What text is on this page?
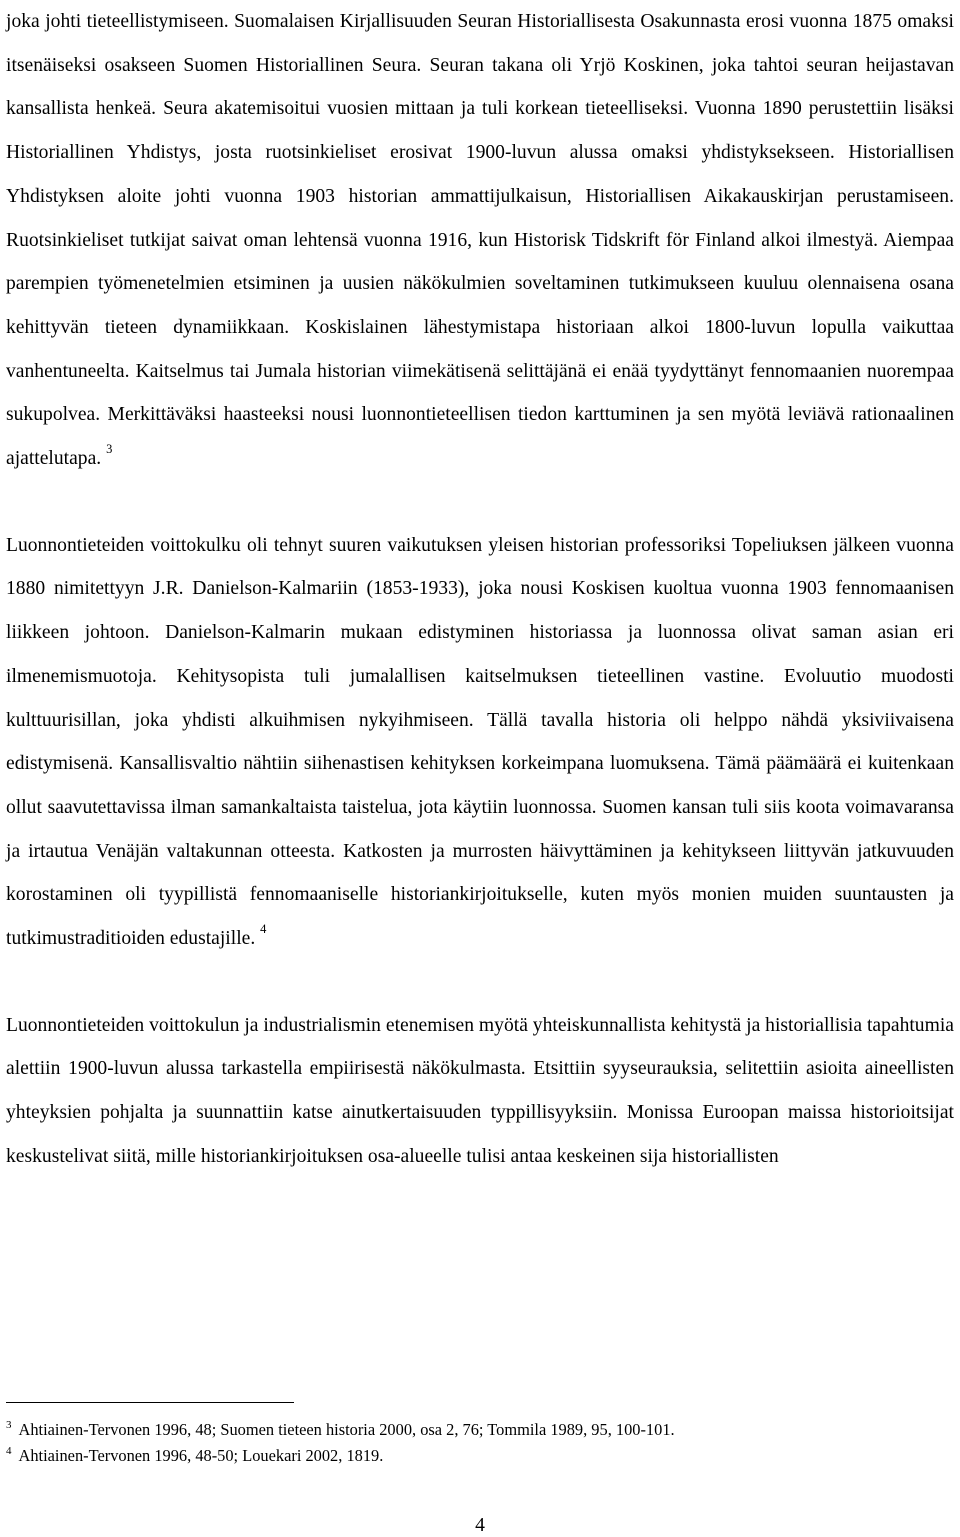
joka johti tieteellistymiseen. Suomalaisen Kirjallisuuden Seuran Historiallisesta Osakunnasta erosi vuonna 1875 omaksi itsenäiseksi osakseen Suomen Historiallinen Seura. Seuran takana oli Yrjö Koskinen, joka tahtoi seuran heijastavan kansallista henkeä. Seura akatemisoitui vuosien mittaan ja tuli korkean tieteelliseksi. Vuonna 1890 perustettiin lisäksi Historiallinen Yhdistys, josta ruotsinkieliset erosivat 1900-luvun alussa omaksi yhdistyksekseen. Historiallisen Yhdistyksen aloite johti vuonna 1903 historian ammattijulkaisun, Historiallisen Aikakauskirjan perustamiseen. Ruotsinkieliset tutkijat saivat oman lehtensä vuonna 1916, kun Historisk Tidskrift för Finland alkoi ilmestyä. Aiempaa parempien työmenetelmien etsiminen ja uusien näkökulmien soveltaminen tutkimukseen kuuluu olennaisena osana kehittyvän tieteen dynamiikkaan. Koskislainen lähestymistapa historiaan alkoi 1800-luvun lopulla vaikuttaa vanhentuneelta. Kaitselmus tai Jumala historian viimekätisenä selittäjänä ei enää tyydyttänyt fennomaanien nuorempaa sukupolvea. Merkittäväksi haasteeksi nousi luonnontieteellisen tiedon karttuminen ja sen myötä leviävä rationaalinen ajattelutapa. $^3$

Luonnontieteiden voittokulku oli tehnyt suuren vaikutuksen yleisen historian professoriksi Topeliuksen jälkeen vuonna 1880 nimitettyyn J.R. Danielson-Kalmariin (1853-1933), joka nousi Koskisen kuoltua vuonna 1903 fennomaanisen liikkeen johtoon. Danielson-Kalmarin mukaan edistyminen historiassa ja luonnossa olivat saman asian eri ilmenemismuotoja. Kehitysopista tuli jumalallisen kaitselmuksen tieteellinen vastine. Evoluutio muodosti kulttuurisillan, joka yhdisti alkuihmisen nykyihmiseen. Tällä tavalla historia oli helppo nähdä yksiviivaisena edistymisenä. Kansallisvaltio nähtiin siihenastisen kehityksen korkeimpana luomuksena. Tämä päämäärä ei kuitenkaan ollut saavutettavissa ilman samankaltaista taistelua, jota käytiin luonnossa. Suomen kansan tuli siis koota voimavaransa ja irtautua Venäjän valtakunnan otteesta. Katkosten ja murrosten häivyttäminen ja kehitykseen liittyvän jatkuvuuden korostaminen oli tyypillistä fennomaaniselle historiankirjoitukselle, kuten myös monien muiden suuntausten ja tutkimustraditioiden edustajille. $^4$

Luonnontieteiden voittokulun ja industrialismin etenemisen myötä yhteiskunnallista kehitystä ja historiallisia tapahtumia alettiin 1900-luvun alussa tarkastella empiirisestä näkökulmasta. Etsittiin syyseurauksia, selitettiin asioita aineellisten yhteyksien pohjalta ja suunnattiin katse ainutkertaisuuden typpillisyyksiin. Monissa Euroopan maissa historioitsijat keskustelivat siitä, mille historiankirjoituksen osa-alueelle tulisi antaa keskeinen sija historiallisten

$^3$ Ahtiainen-Tervonen 1996, 48; Suomen tieteen historia 2000, osa 2, 76; Tommila 1989, 95, 100-101.

$^4$ Ahtiainen-Tervonen 1996, 48-50; Louekari 2002, 1819.

4
